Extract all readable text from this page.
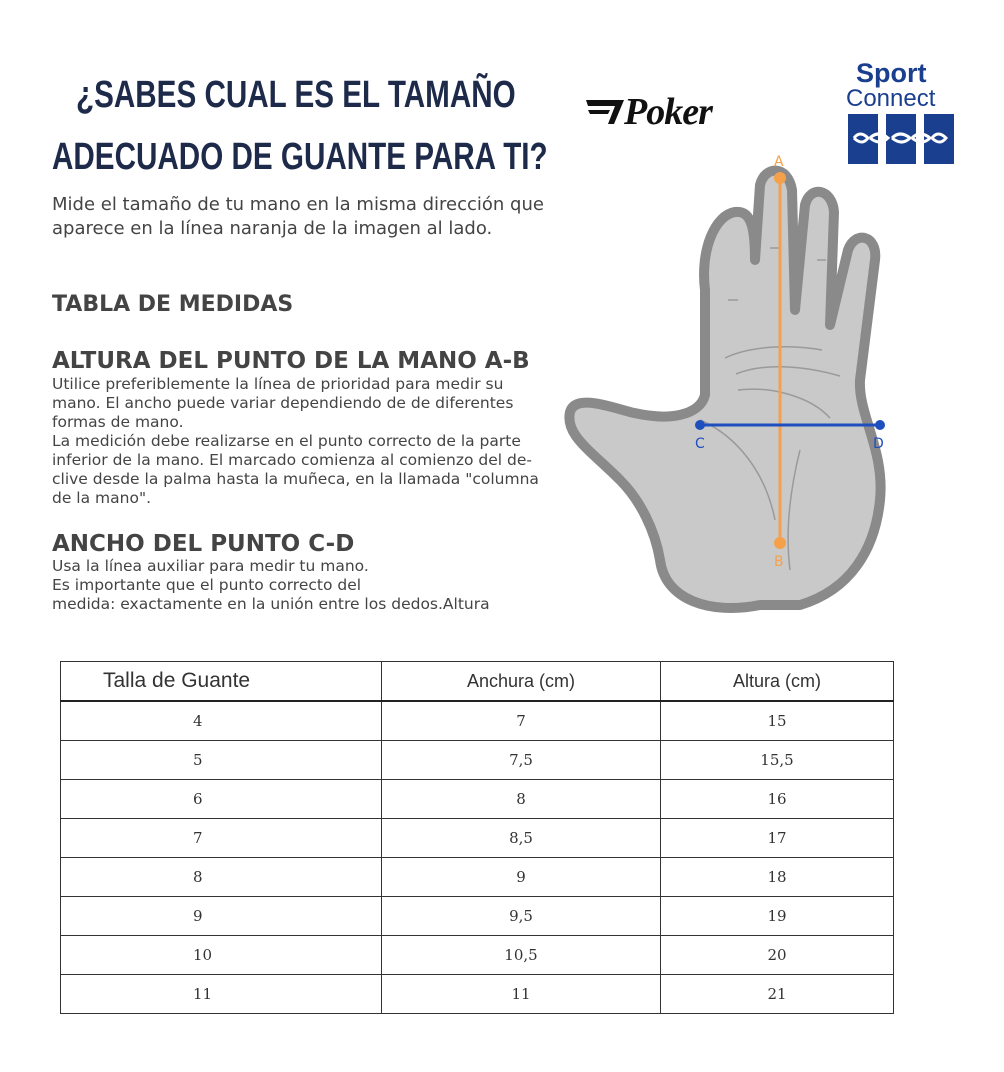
¿SABES CUAL ES EL TAMAÑO
ADECUADO DE GUANTE PARA TI?
Poker
Sport
Connect
Mide el tamaño de tu mano en la misma dirección que aparece en la línea naranja de la imagen al lado.
TABLA DE MEDIDAS
ALTURA DEL PUNTO DE LA MANO A-B
Utilice preferiblemente la línea de prioridad para medir su
mano. El ancho puede variar dependiendo de de diferentes
formas de mano.
La medición debe realizarse en el punto correcto de la parte
inferior de la mano. El marcado comienza al comienzo del de-
clive desde la palma hasta la muñeca, en la llamada "columna
de la mano".
ANCHO DEL PUNTO C-D
Usa la línea auxiliar para medir tu mano.
Es importante que el punto correcto del
medida: exactamente en la unión entre los dedos.Altura
A
B
C	D
Talla de Guante	Anchura (cm)	Altura (cm)
4	7	15
5	7,5	15,5
6	8	16
7	8,5	17
8	9	18
9	9,5	19
10	10,5	20
11	11	21
